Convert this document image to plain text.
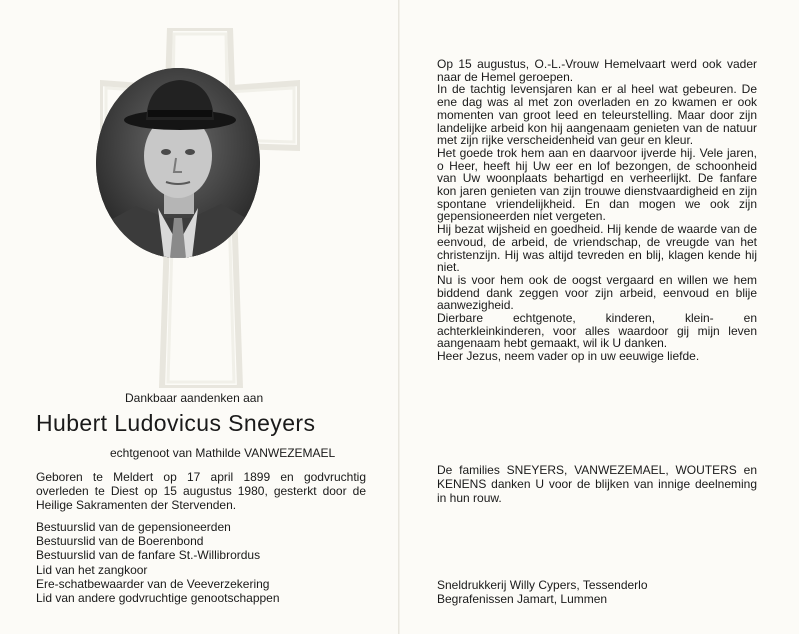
Dankbaar aandenken aan
Hubert Ludovicus Sneyers
echtgenoot van Mathilde VANWEZEMAEL
Geboren te Meldert op 17 april 1899 en godvruchtig overleden te Diest op 15 augustus 1980, gesterkt door de Heilige Sakramenten der Stervenden.
Bestuurslid van de gepensioneerden
Bestuurslid van de Boerenbond
Bestuurslid van de fanfare St.-Willibrordus
Lid van het zangkoor
Ere-schatbewaarder van de Veeverzekering
Lid van andere godvruchtige genootschappen

Op 15 augustus, O.-L.-Vrouw Hemelvaart werd ook vader naar de Hemel geroepen.

In de tachtig levensjaren kan er al heel wat gebeuren. De ene dag was al met zon overladen en zo kwamen er ook momenten van groot leed en teleurstelling. Maar door zijn landelijke arbeid kon hij aangenaam genieten van de natuur met zijn rijke verscheidenheid van geur en kleur.

Het goede trok hem aan en daarvoor ijverde hij. Vele jaren, o Heer, heeft hij Uw eer en lof bezongen, de schoonheid van Uw woonplaats behartigd en verheerlijkt. De fanfare kon jaren genieten van zijn trouwe dienstvaardigheid en zijn spontane vriendelijkheid. En dan mogen we ook zijn gepensioneerden niet vergeten.

Hij bezat wijsheid en goedheid. Hij kende de waarde van de eenvoud, de arbeid, de vriendschap, de vreugde van het christenzijn. Hij was altijd tevreden en blij, klagen kende hij niet.

Nu is voor hem ook de oogst vergaard en willen we hem biddend dank zeggen voor zijn arbeid, eenvoud en blije aanwezigheid.

Dierbare echtgenote, kinderen, klein- en achterkleinkinderen, voor alles waardoor gij mijn leven aangenaam hebt gemaakt, wil ik U danken.

Heer Jezus, neem vader op in uw eeuwige liefde.

De families SNEYERS, VANWEZEMAEL, WOUTERS en KENENS danken U voor de blijken van innige deelneming in hun rouw.
Sneldrukkerij Willy Cypers, Tessenderlo
Begrafenissen Jamart, Lummen
